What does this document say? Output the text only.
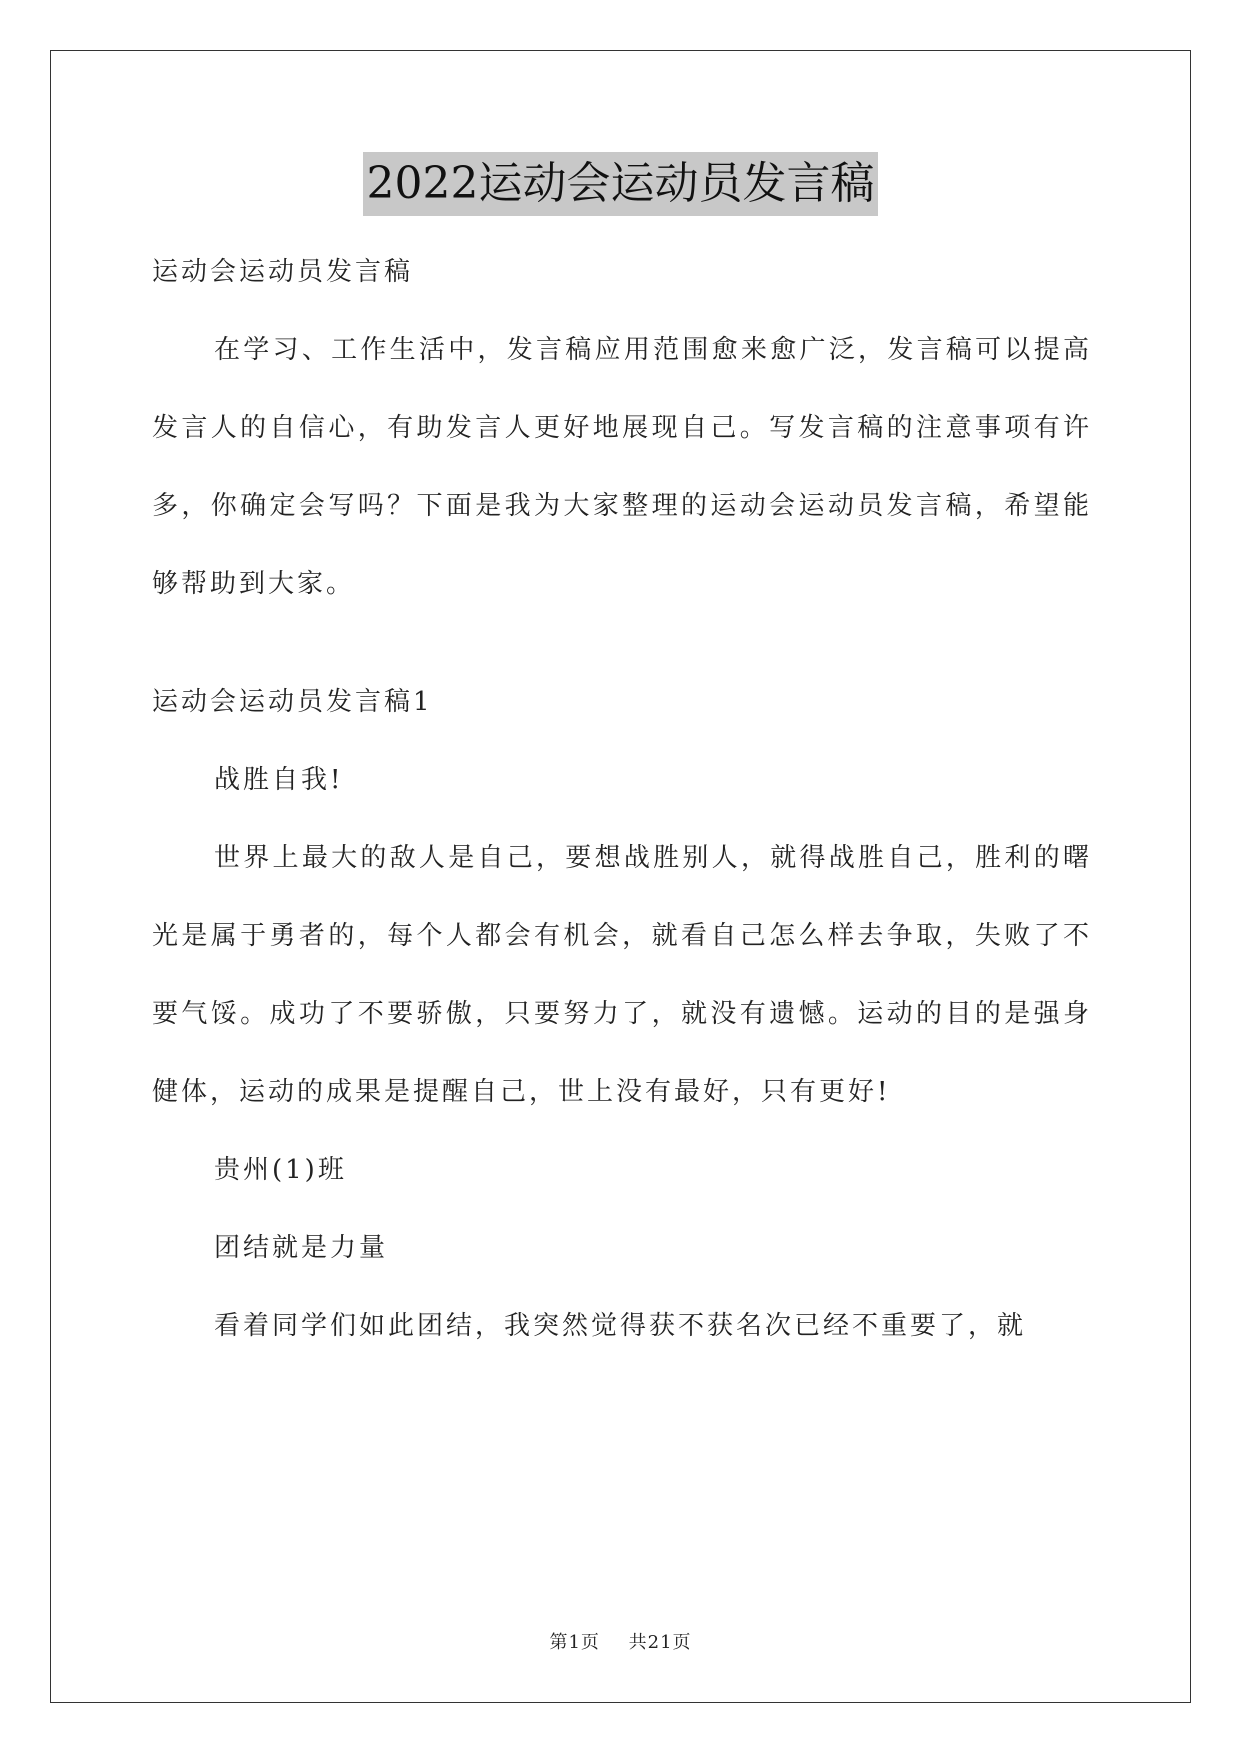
2022运动会运动员发言稿

运动会运动员发言稿

在学习、工作生活中，发言稿应用范围愈来愈广泛，发言稿可以提高发言人的自信心，有助发言人更好地展现自己。写发言稿的注意事项有许多，你确定会写吗？下面是我为大家整理的运动会运动员发言稿，希望能够帮助到大家。

运动会运动员发言稿1

战胜自我!

世界上最大的敌人是自己，要想战胜别人，就得战胜自己，胜利的曙光是属于勇者的，每个人都会有机会，就看自己怎么样去争取，失败了不要气馁。成功了不要骄傲，只要努力了，就没有遗憾。运动的目的是强身健体，运动的成果是提醒自己，世上没有最好，只有更好!

贵州(1)班

团结就是力量

看着同学们如此团结，我突然觉得获不获名次已经不重要了，就

第1页 共21页
